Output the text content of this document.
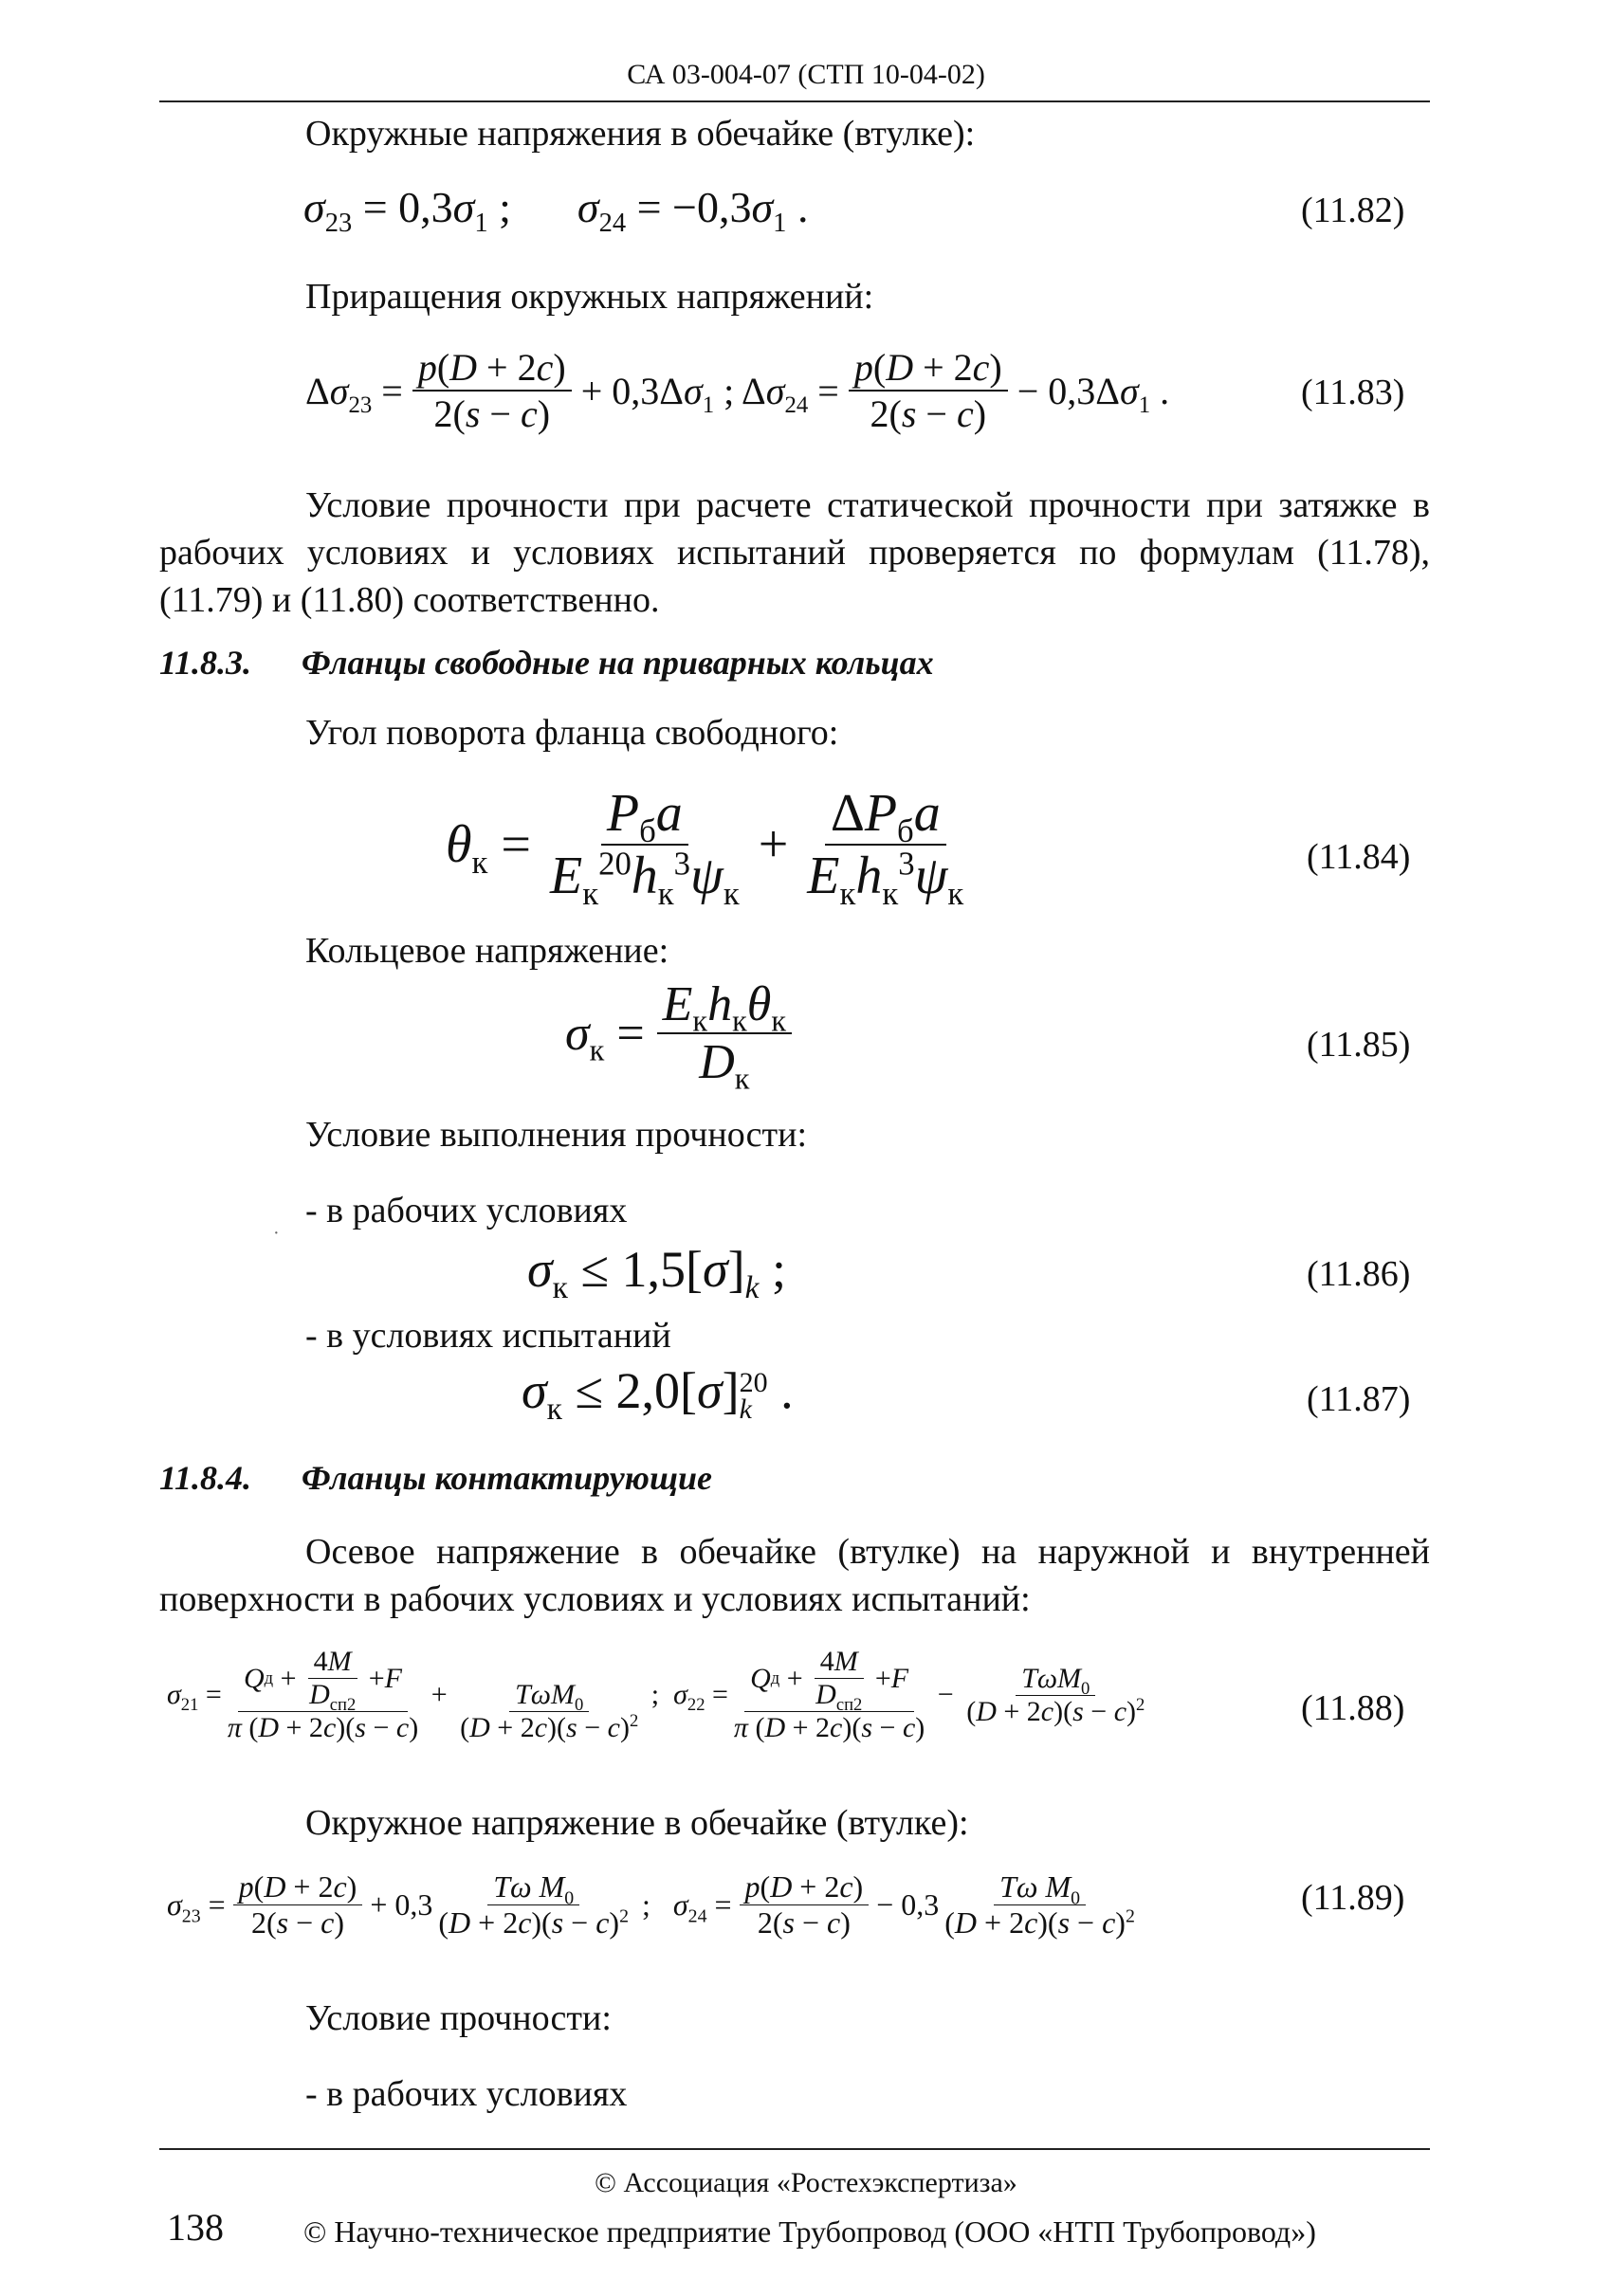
СА 03-004-07 (СТП 10-04-02)
Окружные напряжения в обечайке (втулке):
$\sigma_{23} = 0,3\sigma_1$ ; $\sigma_{24} = -0,3\sigma_1$ .	(11.82)
Приращения окружных напряжений:
$\Delta\sigma_{23} = \frac{p(D + 2c)}{2(s - c)} + 0,3\Delta\sigma_1$ ; $\Delta\sigma_{24} = \frac{p(D + 2c)}{2(s - c)} - 0,3\Delta\sigma_1$ .	(11.83)
Условие прочности при расчете статической прочности при затяжке в рабочих условиях и условиях испытаний проверяется по формулам (11.78), (11.79) и (11.80) соответственно.
11.8.3. Фланцы свободные на приварных кольцах
Угол поворота фланца свободного:
$\theta_к$ =
$P_бa$
$E_к^{20}h_к^3\psi_к$
+
$\Delta P_бa$
$E_кh_к^3\psi_к$
(11.84)
Кольцевое напряжение:
$\sigma_к$ =
$E_кh_к\theta_к$
$D_к$
(11.85)
Условие выполнения прочности:
·
- в рабочих условиях
$\sigma_к \le 1,5[\sigma]_k$ ;	(11.86)
- в условиях испытаний
$\sigma_к \le 2,0[\sigma]$ 20
k .	(11.87)
11.8.4. Фланцы контактирующие
Осевое напряжение в обечайке (втулке) на наружной и внутренней поверхности в рабочих условиях и условиях испытаний:
$\sigma_{21}$ =
Q д +
4M
$D_{сп2}$
+ F
π (D + 2c)(s − c)
+ TωM$_0$
$(D + 2c)(s - c)^2$
;  $\sigma_{22}$ =
Q д +
4M
$D_{сп2}$
+ F
π (D + 2c)(s − c)
−
TωM$_0$
$(D + 2c)(s - c)^2$	(11.88)
Окружное напряжение в обечайке (втулке):
$\sigma_{23} = \frac{p(D + 2c)}{2(s - c)} + 0,3$
Tω $M_0$
$(D + 2c)(s - c)^2$ ;   $\sigma_{24} = \frac{p(D + 2c)}{2(s - c)} - 0,3$
Tω $M_0$
$(D + 2c)(s - c)^2$	(11.89)
Условие прочности:
- в рабочих условиях
© Ассоциация «Ростехэкспертиза»
138	© Научно-техническое предприятие Трубопровод (ООО «НТП Трубопровод»)
